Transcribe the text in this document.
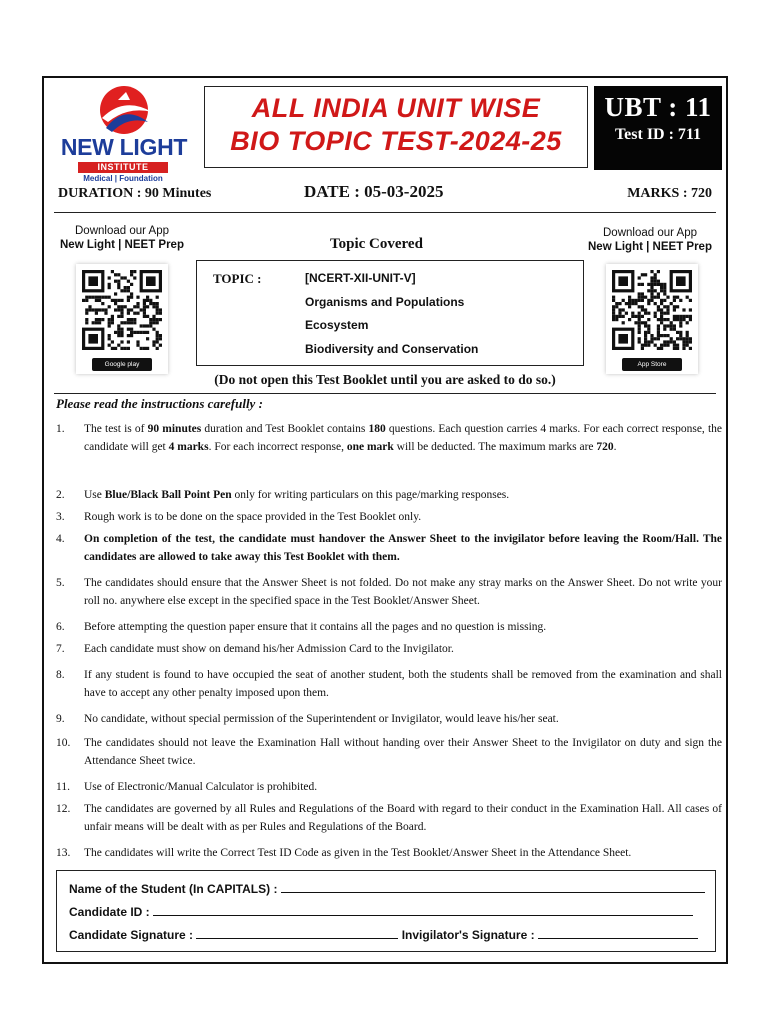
NEW LIGHT
INSTITUTE
Medical | Foundation
ALL INDIA UNIT WISE
BIO TOPIC TEST-2024-25
UBT : 11
Test ID : 711
DURATION : 90 Minutes	DATE : 05-03-2025	MARKS : 720
Download our App
New Light | NEET Prep
Google play
Download our App
New Light | NEET Prep
App Store
Topic Covered
TOPIC :	[NCERT-XII-UNIT-V]
Organisms and Populations
Ecosystem
Biodiversity and Conservation
(Do not open this Test Booklet until you are asked to do so.)
Please read the instructions carefully :
1. The test is of 90 minutes duration and Test Booklet contains 180 questions. Each question carries 4 marks. For each correct response, the candidate will get 4 marks. For each incorrect response, one mark will be deducted. The maximum marks are 720.
2. Use Blue/Black Ball Point Pen only for writing particulars on this page/marking responses.
3. Rough work is to be done on the space provided in the Test Booklet only.
4. On completion of the test, the candidate must handover the Answer Sheet to the invigilator before leaving the Room/Hall. The candidates are allowed to take away this Test Booklet with them.
5. The candidates should ensure that the Answer Sheet is not folded. Do not make any stray marks on the Answer Sheet. Do not write your roll no. anywhere else except in the specified space in the Test Booklet/Answer Sheet.
6. Before attempting the question paper ensure that it contains all the pages and no question is missing.
7. Each candidate must show on demand his/her Admission Card to the Invigilator.
8. If any student is found to have occupied the seat of another student, both the students shall be removed from the examination and shall have to accept any other penalty imposed upon them.
9. No candidate, without special permission of the Superintendent or Invigilator, would leave his/her seat.
10. The candidates should not leave the Examination Hall without handing over their Answer Sheet to the Invigilator on duty and sign the Attendance Sheet twice.
11. Use of Electronic/Manual Calculator is prohibited.
12. The candidates are governed by all Rules and Regulations of the Board with regard to their conduct in the Examination Hall. All cases of unfair means will be dealt with as per Rules and Regulations of the Board.
13. The candidates will write the Correct Test ID Code as given in the Test Booklet/Answer Sheet in the Attendance Sheet.
Name of the Student (In CAPITALS) :
Candidate ID :
Candidate Signature :	Invigilator's Signature :
